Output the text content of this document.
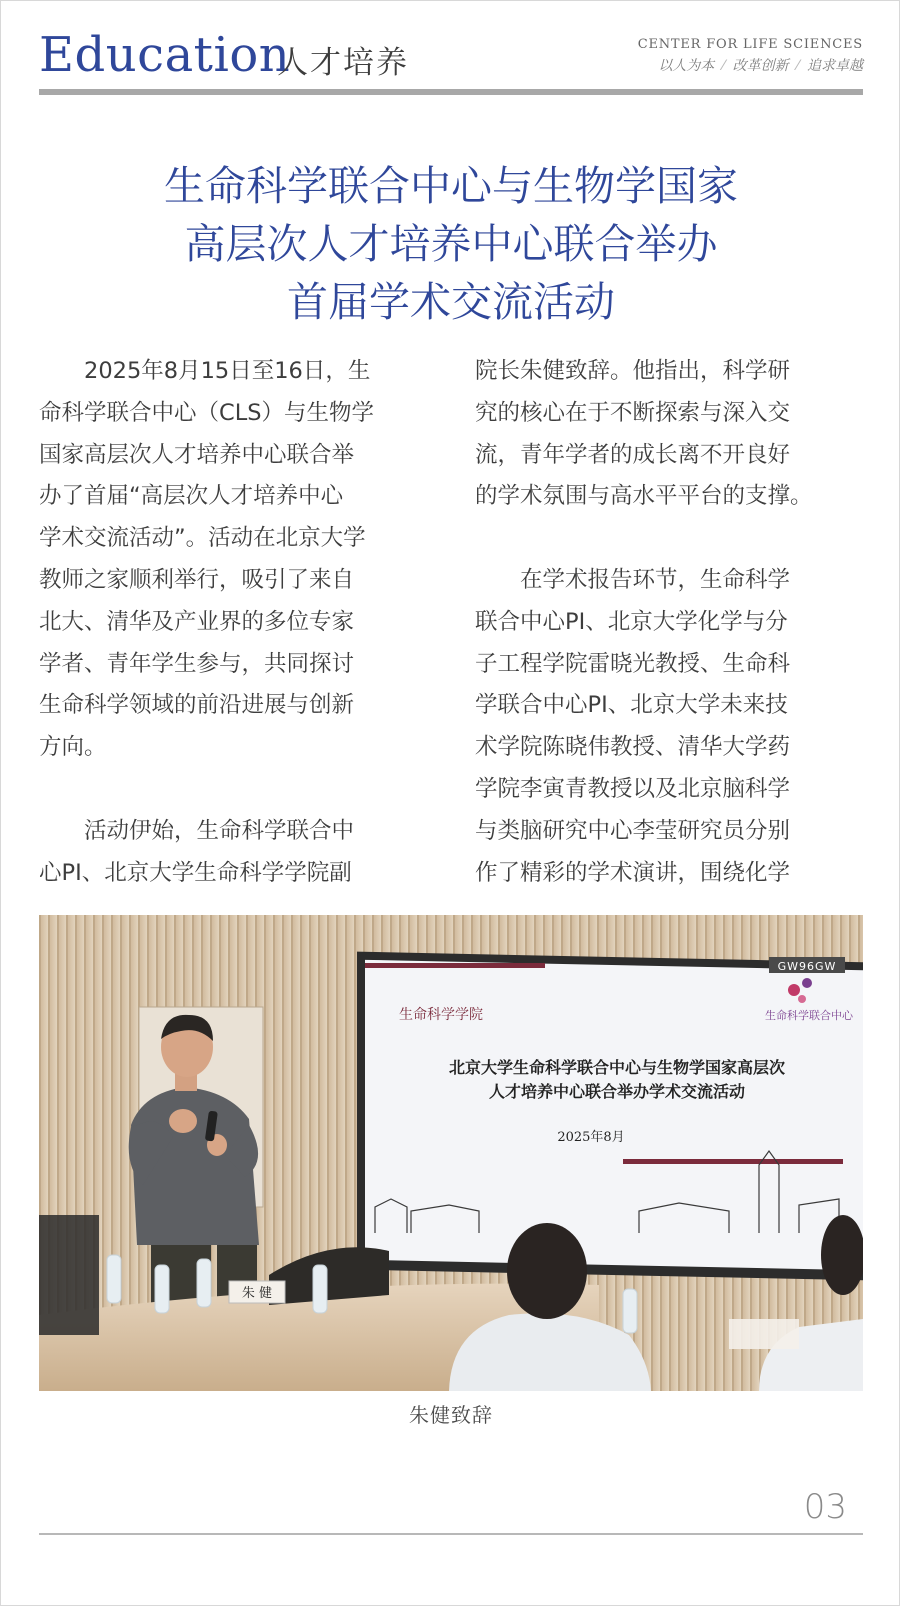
Education
人才培养
CENTER FOR LIFE SCIENCES
以人为本 ⁄ 改革创新 ⁄ 追求卓越
生命科学联合中心与生物学国家
高层次人才培养中心联合举办
首届学术交流活动
　　2025年8月15日至16日，生
命科学联合中心（CLS）与生物学
国家高层次人才培养中心联合举
办了首届“高层次人才培养中心
学术交流活动”。活动在北京大学
教师之家顺利举行，吸引了来自
北大、清华及产业界的多位专家
学者、青年学生参与，共同探讨
生命科学领域的前沿进展与创新
方向。
　　活动伊始，生命科学联合中
心PI、北京大学生命科学学院副
院长朱健致辞。他指出，科学研
究的核心在于不断探索与深入交
流，青年学者的成长离不开良好
的学术氛围与高水平平台的支撑。
　　在学术报告环节，生命科学
联合中心PI、北京大学化学与分
子工程学院雷晓光教授、生命科
学联合中心PI、北京大学未来技
术学院陈晓伟教授、清华大学药
学院李寅青教授以及北京脑科学
与类脑研究中心李莹研究员分别
作了精彩的学术演讲，围绕化学
生命科学学院
GW96GW
生命科学联合中心
北京大学生命科学联合中心与生物学国家高层次
人才培养中心联合举办学术交流活动
2025年8月
朱 健
朱健致辞
03
